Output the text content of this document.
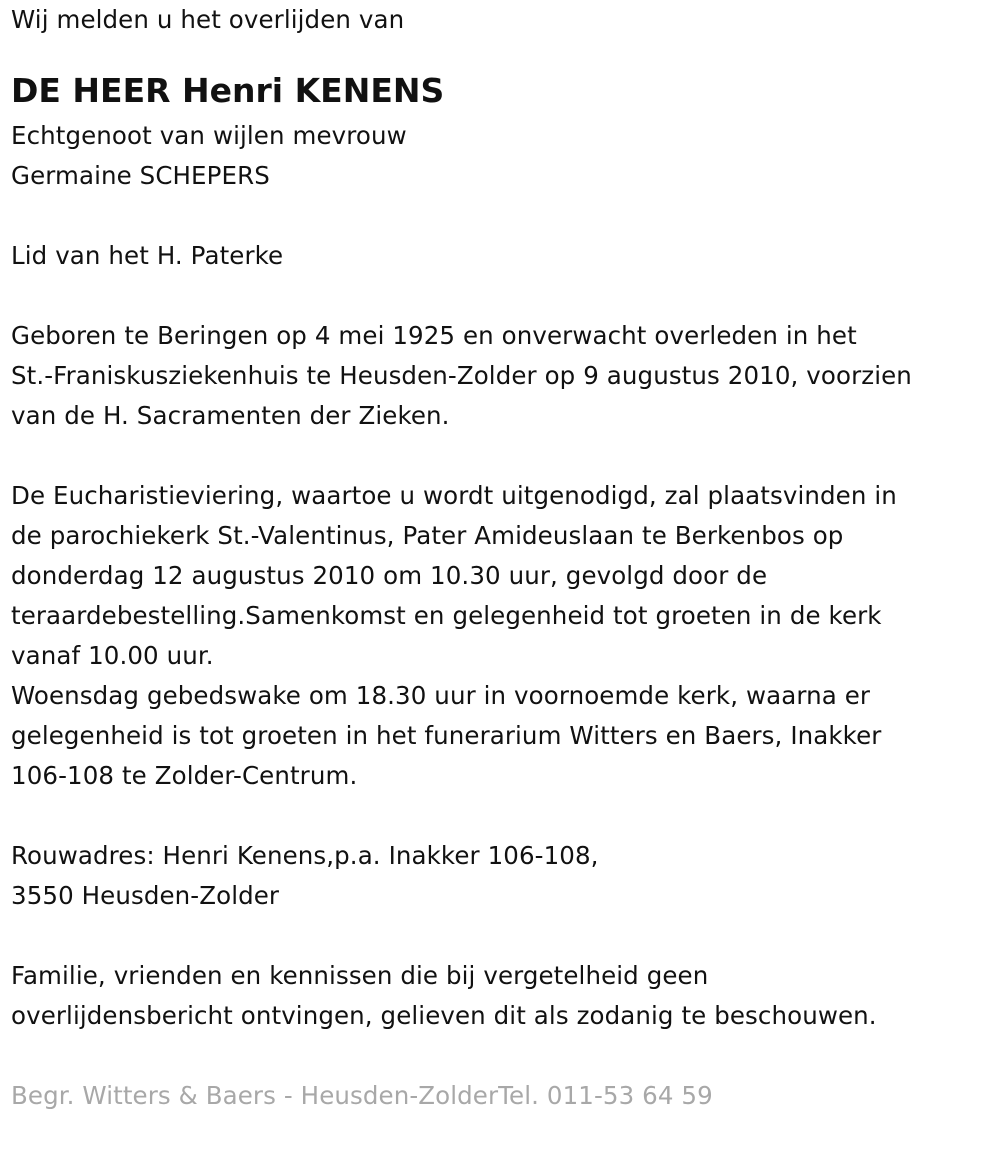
Wij melden u het overlijden van
DE HEER Henri KENENS
Echtgenoot van wijlen mevrouw
Germaine SCHEPERS
Lid van het H. Paterke
Geboren te Beringen op 4 mei 1925 en onverwacht overleden in het
St.-Franiskusziekenhuis te Heusden-Zolder op 9 augustus 2010, voorzien
van de H. Sacramenten der Zieken.
De Eucharistieviering, waartoe u wordt uitgenodigd, zal plaatsvinden in
de parochiekerk St.-Valentinus, Pater Amideuslaan te Berkenbos op
donderdag 12 augustus 2010 om 10.30 uur, gevolgd door de
teraardebestelling.Samenkomst en gelegenheid tot groeten in de kerk
vanaf 10.00 uur.
Woensdag gebedswake om 18.30 uur in voornoemde kerk, waarna er
gelegenheid is tot groeten in het funerarium Witters en Baers, Inakker
106-108 te Zolder-Centrum.
Rouwadres: Henri Kenens,p.a. Inakker 106-108,
3550 Heusden-Zolder
Familie, vrienden en kennissen die bij vergetelheid geen
overlijdensbericht ontvingen, gelieven dit als zodanig te beschouwen.
Begr. Witters & Baers - Heusden-ZolderTel. 011-53 64 59
